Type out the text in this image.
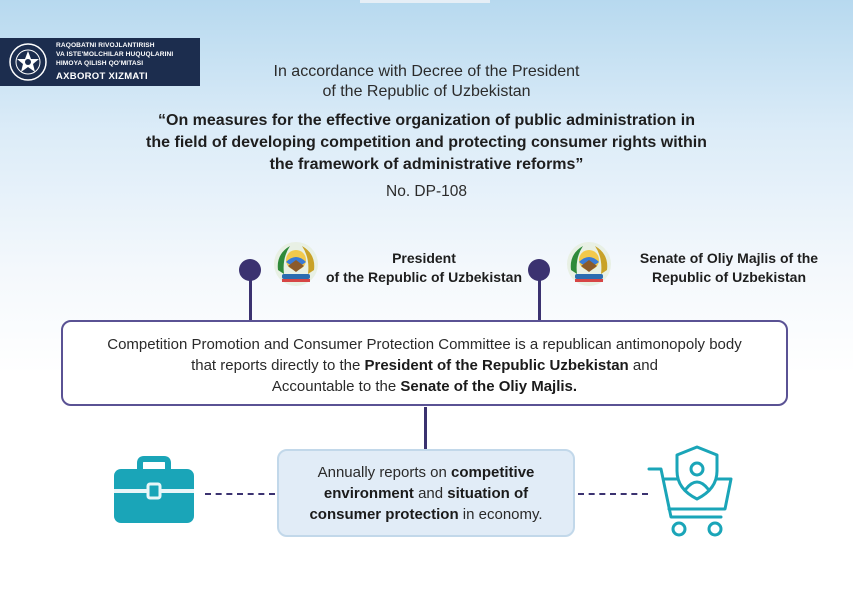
RAQOBATNI RIVOJLANTIRISH
VA ISTE'MOLCHILAR HUQUQLARINI
HIMOYA QILISH QO'MITASI
AXBOROT XIZMATI	In accordance with Decree of the President
of the Republic of Uzbekistan
“On measures for the effective organization of public administration in
the field of developing competition and protecting consumer rights within
the framework of administrative reforms”
No. DP-108
President
of the Republic of Uzbekistan
Senate of Oliy Majlis of the
Republic of Uzbekistan
Competition Promotion and Consumer Protection Committee is a republican antimonopoly body
that reports directly to the President of the Republic Uzbekistan and
Accountable to the Senate of the Oliy Majlis.
Annually reports on competitive
environment and situation of
consumer protection in economy.
